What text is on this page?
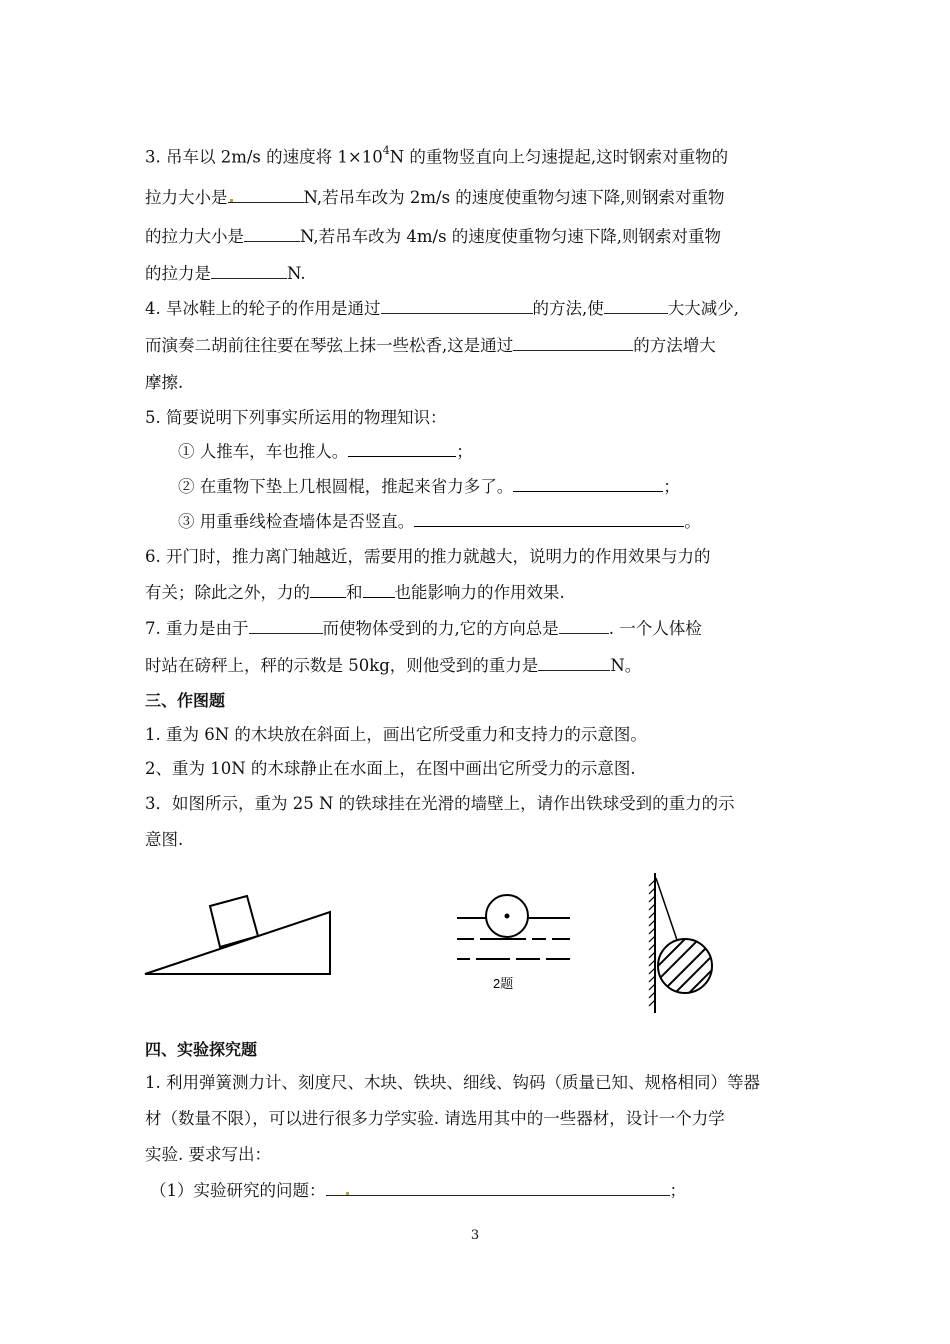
3. 吊车以 2m/s 的速度将 $1\times 10^4N$ 的重物竖直向上匀速提起,这时钢索对重物的
拉力大小是	N,若吊车改为 2m/s 的速度使重物匀速下降,则钢索对重物
的拉力大小是	N,若吊车改为 4m/s 的速度使重物匀速下降,则钢索对重物
的拉力是	N.
4. 旱冰鞋上的轮子的作用是通过	的方法,使	大大减少,
而演奏二胡前往往要在琴弦上抹一些松香,这是通过	的方法增大
摩擦.
5. 简要说明下列事实所运用的物理知识：
① 人推车，车也推人。	；
② 在重物下垫上几根圆棍，推起来省力多了。	；
③ 用重垂线检查墙体是否竖直。	。
6. 开门时，推力离门轴越近，需要用的推力就越大，说明力的作用效果与力的
有关；除此之外，力的 和 也能影响力的作用效果.
7. 重力是由于	而使物体受到的力,它的方向总是	. 一个人体检
时站在磅秤上，秤的示数是 50kg，则他受到的重力是	N。
三、作图题
1. 重为 6N 的木块放在斜面上，画出它所受重力和支持力的示意图。
2、重为 10N 的木球静止在水面上，在图中画出它所受力的示意图.
3．如图所示，重为 25 N 的铁球挂在光滑的墙壁上，请作出铁球受到的重力的示
意图.
2题
四、实验探究题
1. 利用弹簧测力计、刻度尺、木块、铁块、细线、钩码（质量已知、规格相同）等器
材（数量不限），可以进行很多力学实验. 请选用其中的一些器材，设计一个力学
实验. 要求写出：
（1）实验研究的问题：	；
3
